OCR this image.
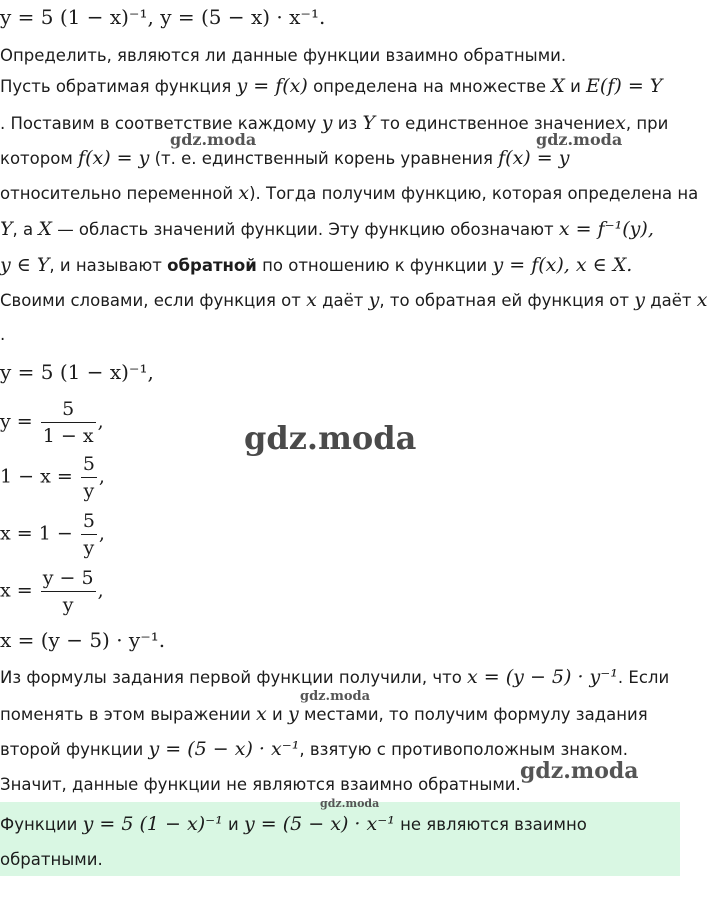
y = 5 (1 − x)⁻¹, y = (5 − x) · x⁻¹.
Определить, являются ли данные функции взаимно обратными.
Пусть обратимая функция y = f(x) определена на множестве X и E(f) = Y
. Поставим в соответствие каждому y из Y то единственное значениеx, при
котором f(x) = y (т. е. единственный корень уравнения f(x) = y
относительно переменной x). Тогда получим функцию, которая определена на
Y, а X — область значений функции. Эту функцию обозначают x = f⁻¹(y),
y ∈ Y, и называют обратной по отношению к функции y = f(x), x ∈ X.
Своими словами, если функция от x даёт y, то обратная ей функция от y даёт x
.
y = 5 (1 − x)⁻¹,
$y = \frac{5}{1 - x}$ ,
$1 - x = \frac{5}{y}$ ,
$x = 1 - \frac{5}{y}$ ,
$x = \frac{y - 5}{y}$ ,
x = (y − 5) · y⁻¹.
Из формулы задания первой функции получили, что x = (y − 5) · y⁻¹. Если
поменять в этом выражении x и y местами, то получим формулу задания
второй функции y = (5 − x) · x⁻¹, взятую с противоположным знаком.
Значит, данные функции не являются взаимно обратными.
Функции y = 5 (1 − x)⁻¹ и y = (5 − x) · x⁻¹ не являются взаимно
обратными.
gdz.moda	gdz.moda
gdz.moda
gdz.moda
gdz.moda
gdz.moda
